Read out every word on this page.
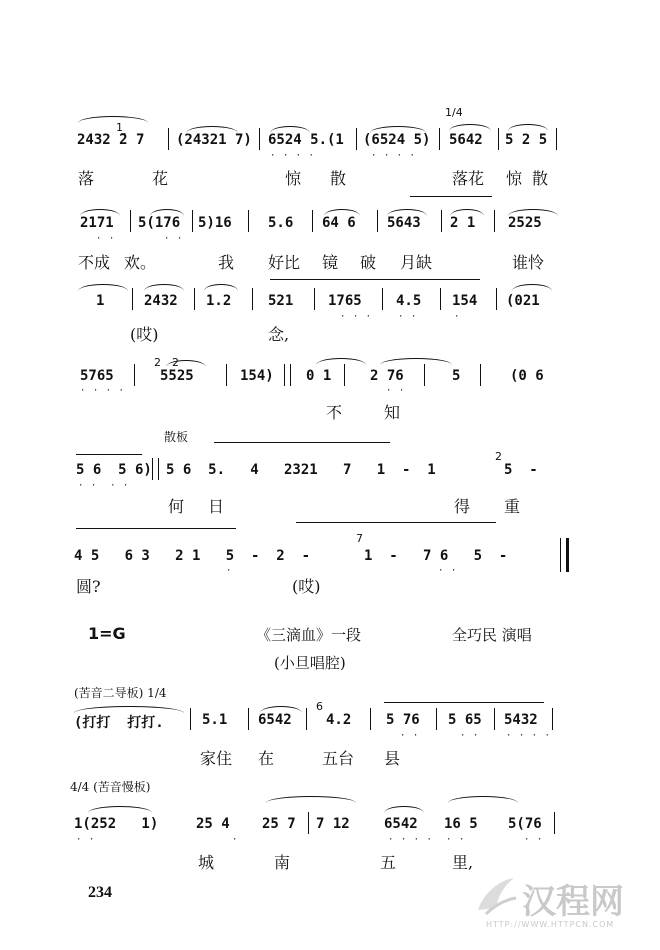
1
2432 ̄2 7 (24321 7) 6524 5.(1
· · · ·
(6524 5)
· · · ·
1/4
5642 5 2 5
落	花	惊 散	落花 惊 散
2171
· ·
5(176
· ·
5)16	5.6 64 6 5643 2 1 2525
不成 欢。	我 好比 镜 破 月缺	谁怜
1	2432 1.2	521 1765
· · ·
4.5
· ·
154
·
(021
(哎)	念,
5765
· · · ·
2 2
5525	154) 0 1	2 76
· ·
5	(0 6
不	知
散板
5 6  5 6)
· ·  · ·
5 6  5.   4   2321   7   1  -  1
2
5  -
何 日	得 重
4 5   6 3   2 1   5  -  2  -
·
7
1  -   7 6   5  -
· ·
圆?	(哎)
1=G	《三滴血》一段	全巧民 演唱
(小旦唱腔)
(苦音二导板) 1/4
(打打  打打.	5.1 6542
6
4.2 5 76
· ·
5 65
· ·
5432
· · · ·
家住 在	五台 县
4/4 (苦音慢板)
1(252   1)
· ·
25 4
·
25 7 7 12 6542
· · · ·
16 5
· ·
5(76
· ·
城	南	五	里,
234	汉程网
HTTP://WWW.HTTPCN.COM
